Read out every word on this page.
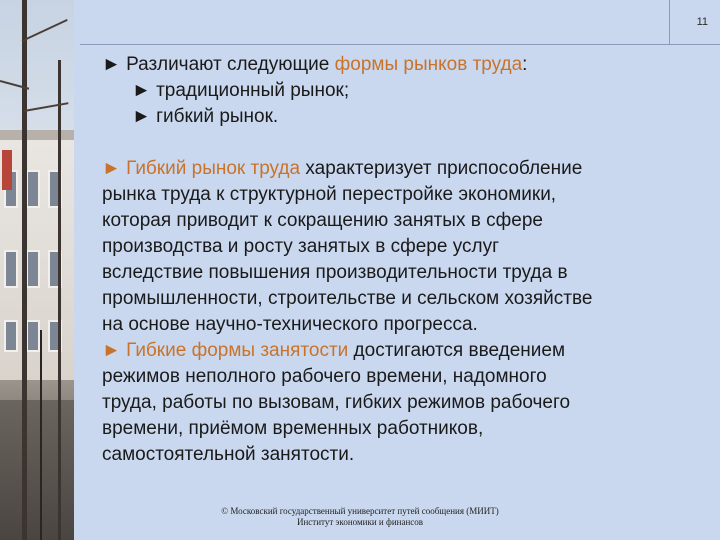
11

► Различают следующие формы рынков труда:

► традиционный рынок;

► гибкий рынок.

► Гибкий рынок труда характеризует приспособление
рынка труда к структурной перестройке экономики,
которая приводит к сокращению занятых в сфере
производства и росту занятых в сфере услуг
вследствие повышения производительности труда в
промышленности, строительстве и сельском хозяйстве
на основе научно-технического прогресса.

► Гибкие формы занятости достигаются введением
режимов неполного рабочего времени, надомного
труда, работы по вызовам, гибких режимов рабочего
времени, приёмом временных работников,
самостоятельной занятости.

© Московский государственный университет путей сообщения (МИИТ)
Институт экономики и финансов
